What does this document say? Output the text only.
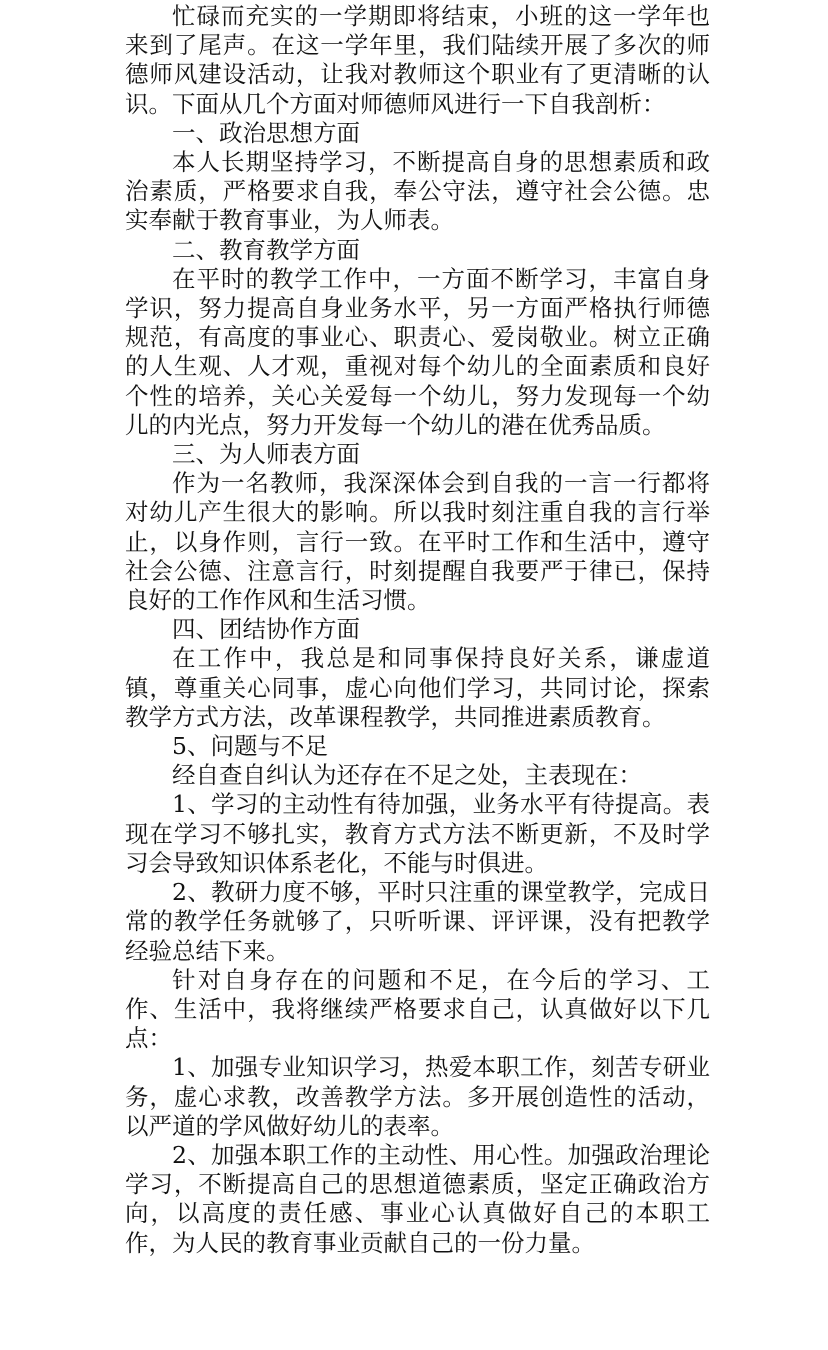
忙碌而充实的一学期即将结束，小班的这一学年也来到了尾声。在这一学年里，我们陆续开展了多次的师德师风建设活动，让我对教师这个职业有了更清晰的认识。下面从几个方面对师德师风进行一下自我剖析：

一、政治思想方面

本人长期坚持学习，不断提高自身的思想素质和政治素质，严格要求自我，奉公守法，遵守社会公德。忠实奉献于教育事业，为人师表。

二、教育教学方面

在平时的教学工作中，一方面不断学习，丰富自身学识，努力提高自身业务水平，另一方面严格执行师德规范，有高度的事业心、职责心、爱岗敬业。树立正确的人生观、人才观，重视对每个幼儿的全面素质和良好个性的培养，关心关爱每一个幼儿，努力发现每一个幼儿的内光点，努力开发每一个幼儿的港在优秀品质。

三、为人师表方面

作为一名教师，我深深体会到自我的一言一行都将对幼儿产生很大的影响。所以我时刻注重自我的言行举止，以身作则，言行一致。在平时工作和生活中，遵守社会公德、注意言行，时刻提醒自我要严于律已，保持良好的工作作风和生活习惯。

四、团结协作方面

在工作中，我总是和同事保持良好关系，谦虚道镇，尊重关心同事，虚心向他们学习，共同讨论，探索教学方式方法，改革课程教学，共同推进素质教育。

5、问题与不足

经自查自纠认为还存在不足之处，主表现在：

1、学习的主动性有待加强，业务水平有待提高。表现在学习不够扎实，教育方式方法不断更新，不及时学习会导致知识体系老化，不能与时俱进。

2、教研力度不够，平时只注重的课堂教学，完成日常的教学任务就够了，只听听课、评评课，没有把教学经验总结下来。

针对自身存在的问题和不足，在今后的学习、工作、生活中，我将继续严格要求自己，认真做好以下几点：

1、加强专业知识学习，热爱本职工作，刻苦专研业务，虚心求教，改善教学方法。多开展创造性的活动，以严道的学风做好幼儿的表率。

2、加强本职工作的主动性、用心性。加强政治理论学习，不断提高自己的思想道德素质，坚定正确政治方向，以高度的责任感、事业心认真做好自己的本职工作，为人民的教育事业贡献自己的一份力量。
